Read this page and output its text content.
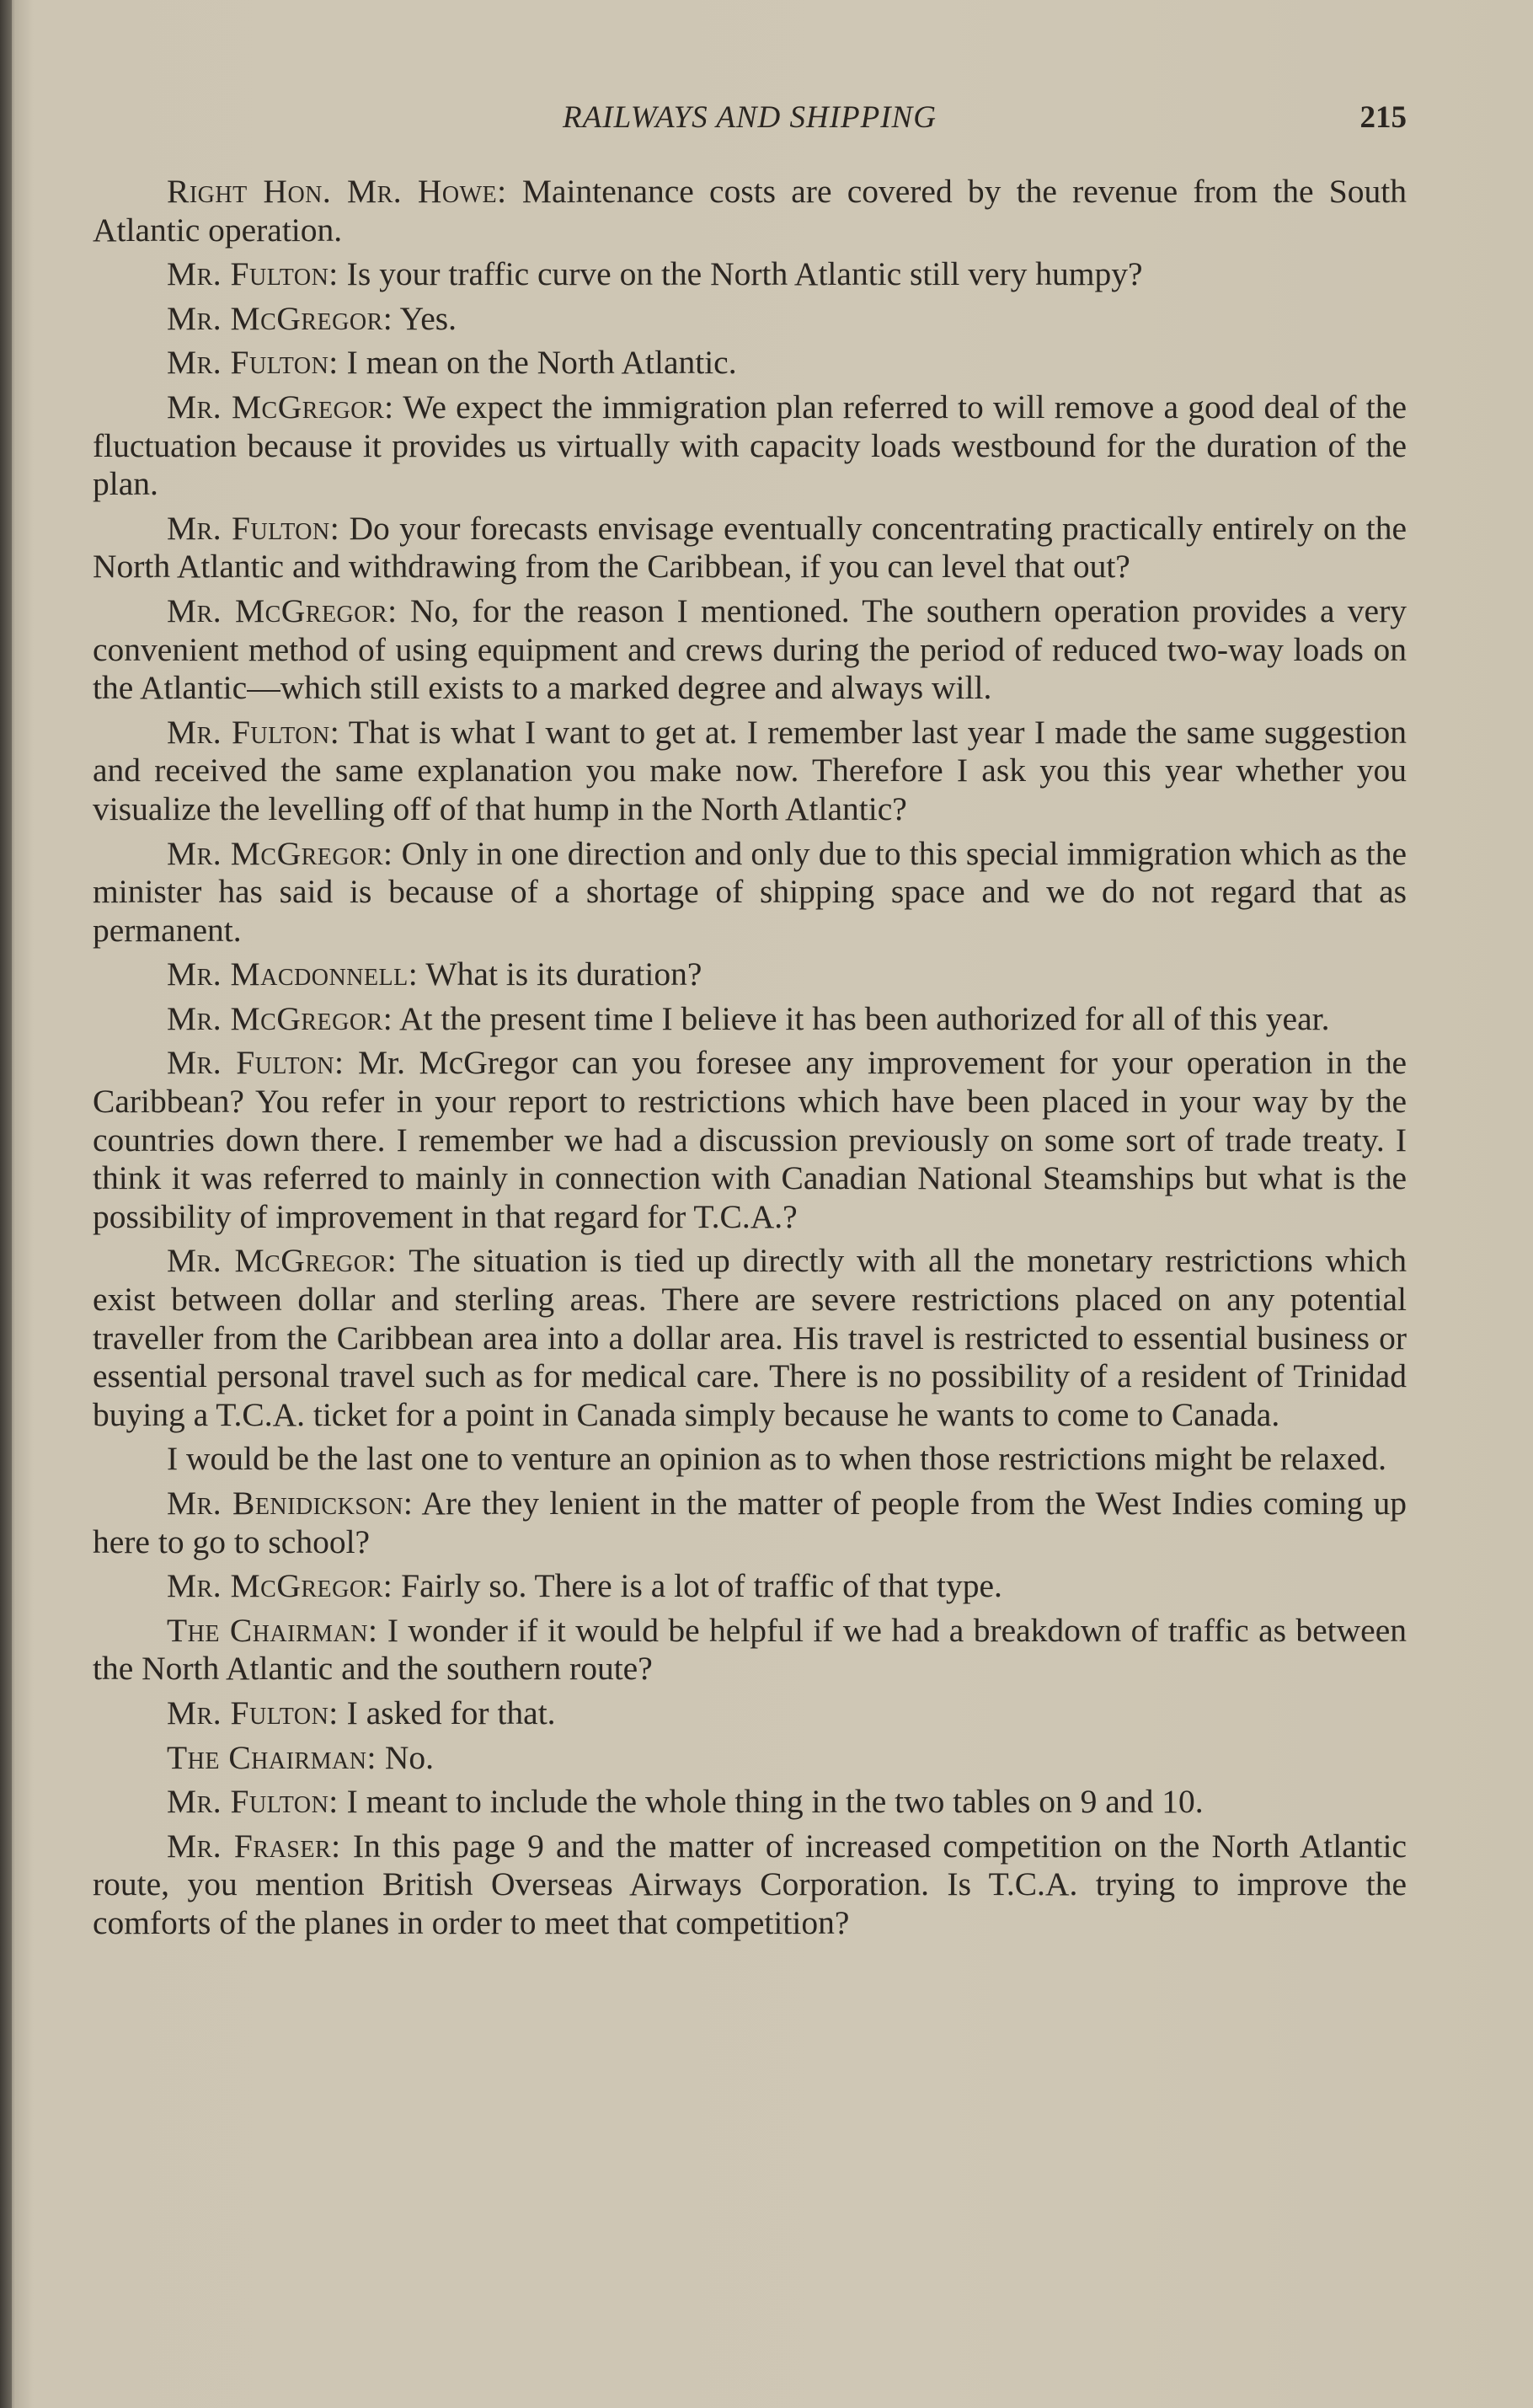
RAILWAYS AND SHIPPING	215

Right Hon. Mr. Howe: Maintenance costs are covered by the revenue from the South Atlantic operation.

Mr. Fulton: Is your traffic curve on the North Atlantic still very humpy?

Mr. McGregor: Yes.

Mr. Fulton: I mean on the North Atlantic.

Mr. McGregor: We expect the immigration plan referred to will remove a good deal of the fluctuation because it provides us virtually with capacity loads westbound for the duration of the plan.

Mr. Fulton: Do your forecasts envisage eventually concentrating practically entirely on the North Atlantic and withdrawing from the Caribbean, if you can level that out?

Mr. McGregor: No, for the reason I mentioned. The southern operation provides a very convenient method of using equipment and crews during the period of reduced two-way loads on the Atlantic—which still exists to a marked degree and always will.

Mr. Fulton: That is what I want to get at. I remember last year I made the same suggestion and received the same explanation you make now. Therefore I ask you this year whether you visualize the levelling off of that hump in the North Atlantic?

Mr. McGregor: Only in one direction and only due to this special immigration which as the minister has said is because of a shortage of shipping space and we do not regard that as permanent.

Mr. Macdonnell: What is its duration?

Mr. McGregor: At the present time I believe it has been authorized for all of this year.

Mr. Fulton: Mr. McGregor can you foresee any improvement for your operation in the Caribbean? You refer in your report to restrictions which have been placed in your way by the countries down there. I remember we had a discussion previously on some sort of trade treaty. I think it was referred to mainly in connection with Canadian National Steamships but what is the possibility of improvement in that regard for T.C.A.?

Mr. McGregor: The situation is tied up directly with all the monetary restrictions which exist between dollar and sterling areas. There are severe restrictions placed on any potential traveller from the Caribbean area into a dollar area. His travel is restricted to essential business or essential personal travel such as for medical care. There is no possibility of a resident of Trinidad buying a T.C.A. ticket for a point in Canada simply because he wants to come to Canada.

I would be the last one to venture an opinion as to when those restrictions might be relaxed.

Mr. Benidickson: Are they lenient in the matter of people from the West Indies coming up here to go to school?

Mr. McGregor: Fairly so. There is a lot of traffic of that type.

The Chairman: I wonder if it would be helpful if we had a breakdown of traffic as between the North Atlantic and the southern route?

Mr. Fulton: I asked for that.

The Chairman: No.

Mr. Fulton: I meant to include the whole thing in the two tables on 9 and 10.

Mr. Fraser: In this page 9 and the matter of increased competition on the North Atlantic route, you mention British Overseas Airways Corporation. Is T.C.A. trying to improve the comforts of the planes in order to meet that competition?
